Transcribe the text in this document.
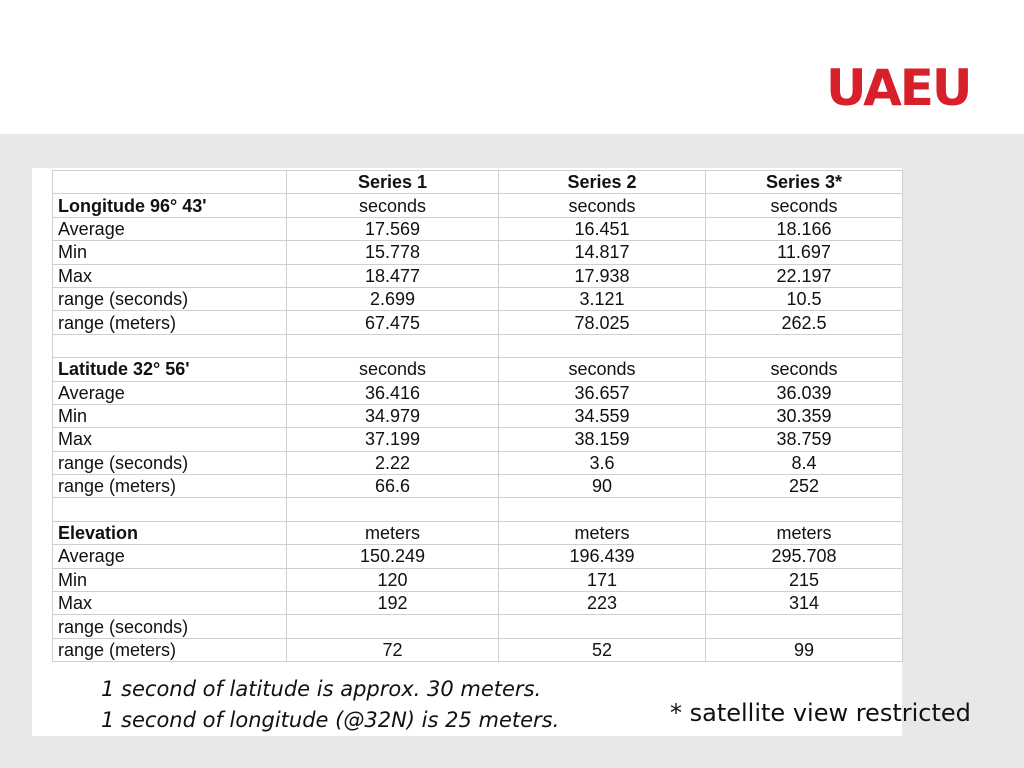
UAEU
	Series 1	Series 2	Series 3*
Longitude 96° 43'	seconds	seconds	seconds
Average	17.569	16.451	18.166
Min	15.778	14.817	11.697
Max	18.477	17.938	22.197
range (seconds)	2.699	3.121	10.5
range (meters)	67.475	78.025	262.5

Latitude 32° 56'	seconds	seconds	seconds
Average	36.416	36.657	36.039
Min	34.979	34.559	30.359
Max	37.199	38.159	38.759
range (seconds)	2.22	3.6	8.4
range (meters)	66.6	90	252

Elevation	meters	meters	meters
Average	150.249	196.439	295.708
Min	120	171	215
Max	192	223	314
range (seconds)			
range (meters)	72	52	99
1 second of latitude is approx. 30 meters.
1 second of longitude (@32N) is 25 meters.	* satellite view restricted
